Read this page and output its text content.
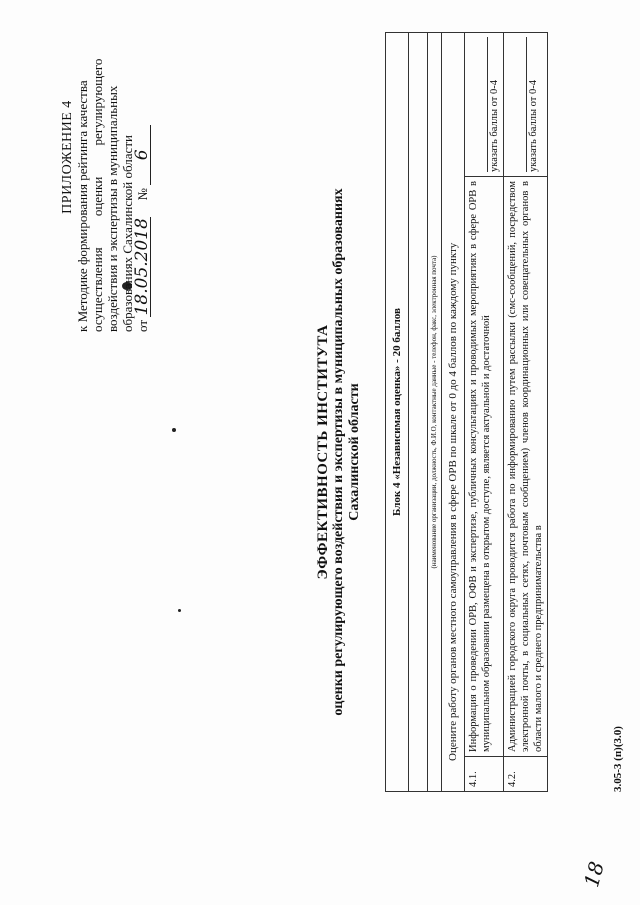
ПРИЛОЖЕНИЕ 4 к Методике формирования рейтинга качества осуществления оценки регулирующего воздействия и экспертизы в муниципальных образованиях Сахалинской области от 18.05.2018     № 6
ЭФФЕКТИВНОСТЬ ИНСТИТУТА оценки регулирующего воздействия и экспертизы в муниципальных образованиях Сахалинской области	Блок 4 «Независимая оценка» - 20 баллов		

(наименование организации, должность, Ф.И.О, контактные данные - телефон, факс, электронная почта)		
Оцените работу органов местного самоуправления в сфере ОРВ по шкале от 0 до 4 баллов по каждому пункту		
4.1.	Информация о проведении ОРВ, ОФВ и экспертизе, публичных консультациях и проводимых мероприятиях в сфере ОРВ в муниципальном образовании размещена в открытом доступе, является актуальной и достаточной	указать баллы от 0-4
4.2.	Администрацией городского округа проводится работа по информированию путем рассылки (смс-сообщений, посредством электронной почты, в социальных сетях, почтовым сообщением) членов координационных или совещательных органов в области малого и среднего предпринимательства в	указать баллы от 0-4
3.05-3 (п)(3.0)
18
